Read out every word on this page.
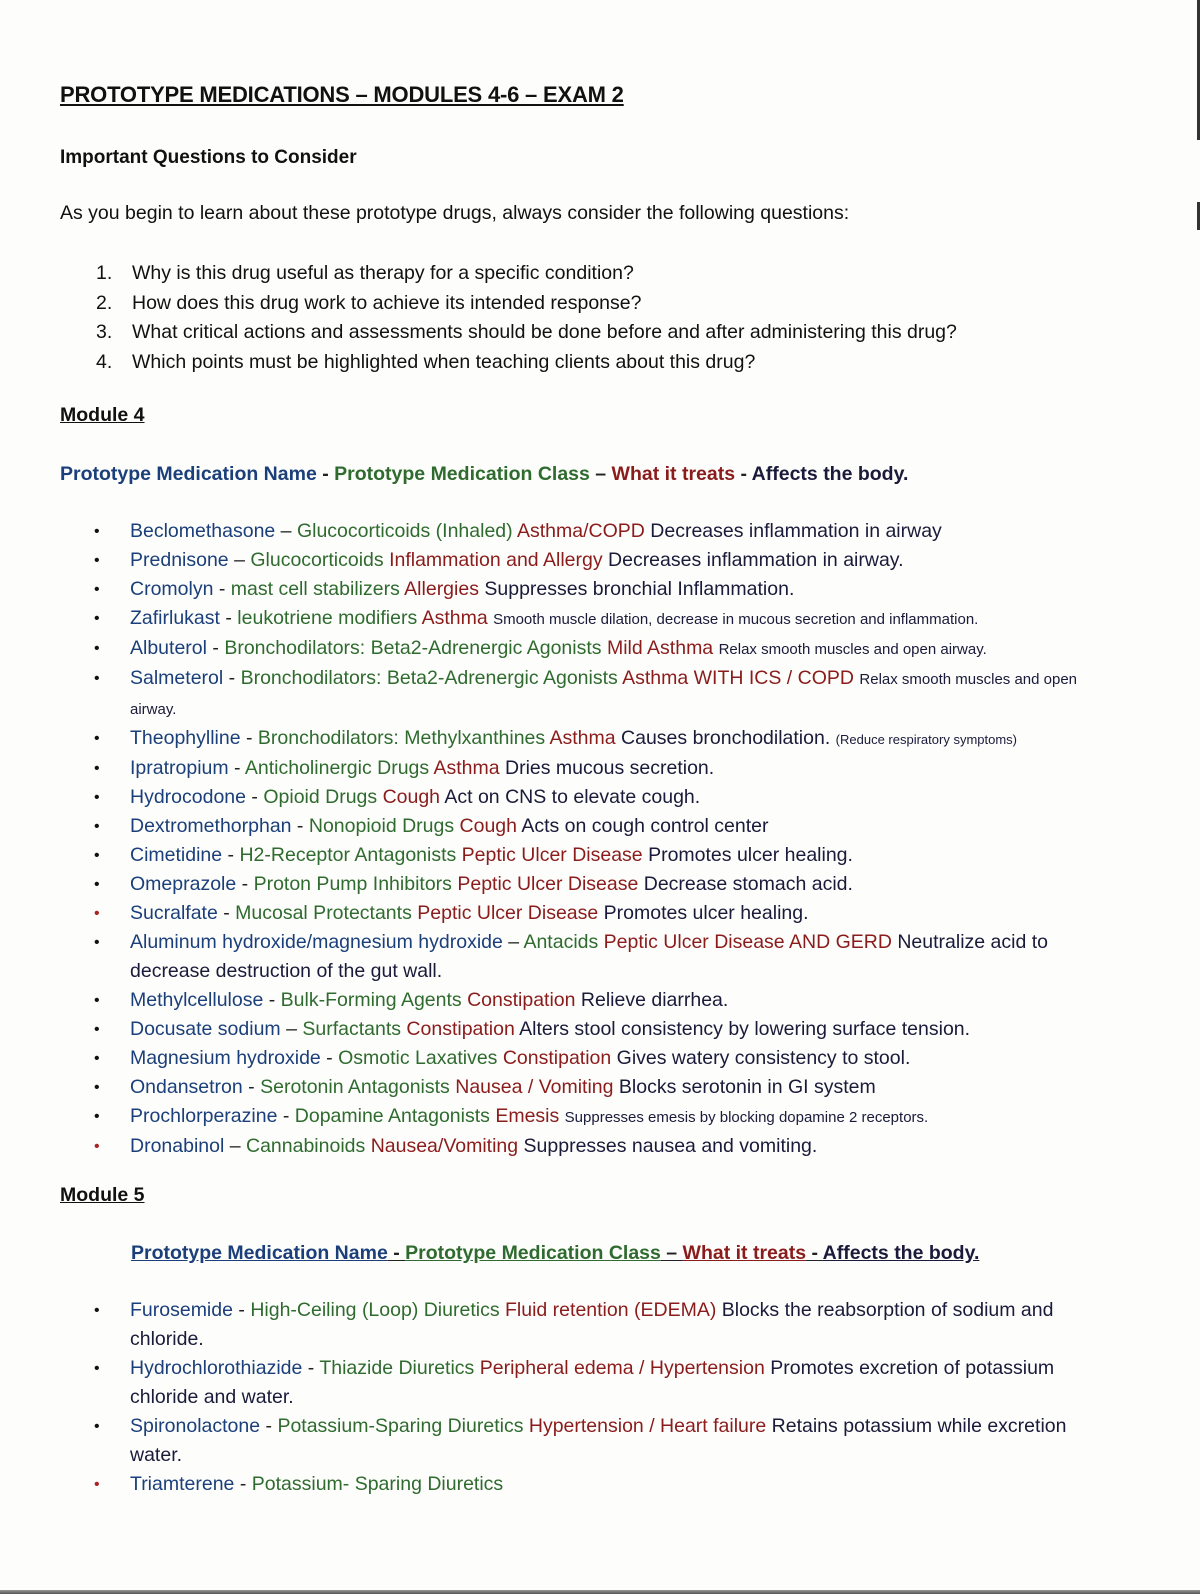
PROTOTYPE MEDICATIONS – MODULES 4-6 – EXAM 2
Important Questions to Consider
As you begin to learn about these prototype drugs, always consider the following questions:
1. Why is this drug useful as therapy for a specific condition?
2. How does this drug work to achieve its intended response?
3. What critical actions and assessments should be done before and after administering this drug?
4. Which points must be highlighted when teaching clients about this drug?
Module 4
Prototype Medication Name - Prototype Medication Class – What it treats - Affects the body.
• Beclomethasone – Glucocorticoids (Inhaled) Asthma/COPD Decreases inflammation in airway
• Prednisone – Glucocorticoids Inflammation and Allergy Decreases inflammation in airway.
• Cromolyn - mast cell stabilizers Allergies Suppresses bronchial Inflammation.
• Zafirlukast - leukotriene modifiers Asthma Smooth muscle dilation, decrease in mucous secretion and inflammation.
• Albuterol - Bronchodilators: Beta2-Adrenergic Agonists Mild Asthma Relax smooth muscles and open airway.
• Salmeterol - Bronchodilators: Beta2-Adrenergic Agonists Asthma WITH ICS / COPD Relax smooth muscles and open airway.
• Theophylline - Bronchodilators: Methylxanthines Asthma Causes bronchodilation. (Reduce respiratory symptoms)
• Ipratropium - Anticholinergic Drugs Asthma Dries mucous secretion.
• Hydrocodone - Opioid Drugs Cough Act on CNS to elevate cough.
• Dextromethorphan - Nonopioid Drugs Cough Acts on cough control center
• Cimetidine - H2-Receptor Antagonists Peptic Ulcer Disease Promotes ulcer healing.
• Omeprazole - Proton Pump Inhibitors Peptic Ulcer Disease Decrease stomach acid.
• Sucralfate - Mucosal Protectants Peptic Ulcer Disease Promotes ulcer healing.
• Aluminum hydroxide/magnesium hydroxide – Antacids Peptic Ulcer Disease AND GERD Neutralize acid to decrease destruction of the gut wall.
• Methylcellulose - Bulk-Forming Agents Constipation Relieve diarrhea.
• Docusate sodium – Surfactants Constipation Alters stool consistency by lowering surface tension.
• Magnesium hydroxide - Osmotic Laxatives Constipation Gives watery consistency to stool.
• Ondansetron - Serotonin Antagonists Nausea / Vomiting Blocks serotonin in GI system
• Prochlorperazine - Dopamine Antagonists Emesis Suppresses emesis by blocking dopamine 2 receptors.
• Dronabinol – Cannabinoids Nausea/Vomiting Suppresses nausea and vomiting.
Module 5
Prototype Medication Name - Prototype Medication Class – What it treats - Affects the body.
• Furosemide - High-Ceiling (Loop) Diuretics Fluid retention (EDEMA) Blocks the reabsorption of sodium and chloride.
• Hydrochlorothiazide - Thiazide Diuretics Peripheral edema / Hypertension Promotes excretion of potassium chloride and water.
• Spironolactone - Potassium-Sparing Diuretics Hypertension / Heart failure Retains potassium while excretion water.
• Triamterene - Potassium- Sparing Diuretics
